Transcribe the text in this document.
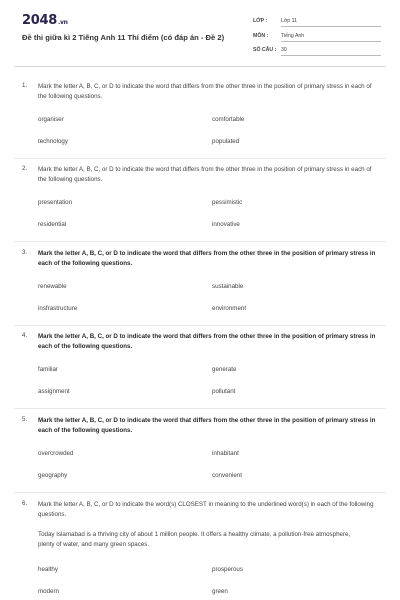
2048.vn
Đề thi giữa kì 2 Tiếng Anh 11 Thí điểm (có đáp án - Đề 2)
LỚP :	Lớp 11
MÔN : Tiếng Anh
SỐ CÂU : 30
1. Mark the letter A, B, C, or D to indicate the word that differs from the other three in the position of primary stress in each of the following questions.
organiser	comfortable
technology	populated
2. Mark the letter A, B, C, or D to indicate the word that differs from the other three in the position of primary stress in each of the following questions.
presentation	pessimistic
residential	innovative
3. Mark the letter A, B, C, or D to indicate the word that differs from the other three in the position of primary stress in each of the following questions.
renewable	sustainable
insfrastructure	environment
4. Mark the letter A, B, C, or D to indicate the word that differs from the other three in the position of primary stress in each of the following questions.
familiar	generate
assignment	pollutant
5. Mark the letter A, B, C, or D to indicate the word that differs from the other three in the position of primary stress in each of the following questions.
overcrowded	inhabitant
geography	convenient
6. Mark the letter A, B, C, or D to indicate the word(s) CLOSEST in meaning to the underlined word(s) in each of the following questions.
Today Islamabad is a thriving city of about 1 million people. It offers a healthy climate, a pollution-free atmosphere, plenty of water, and many green spaces.
healthy	prosperous
modern	green
